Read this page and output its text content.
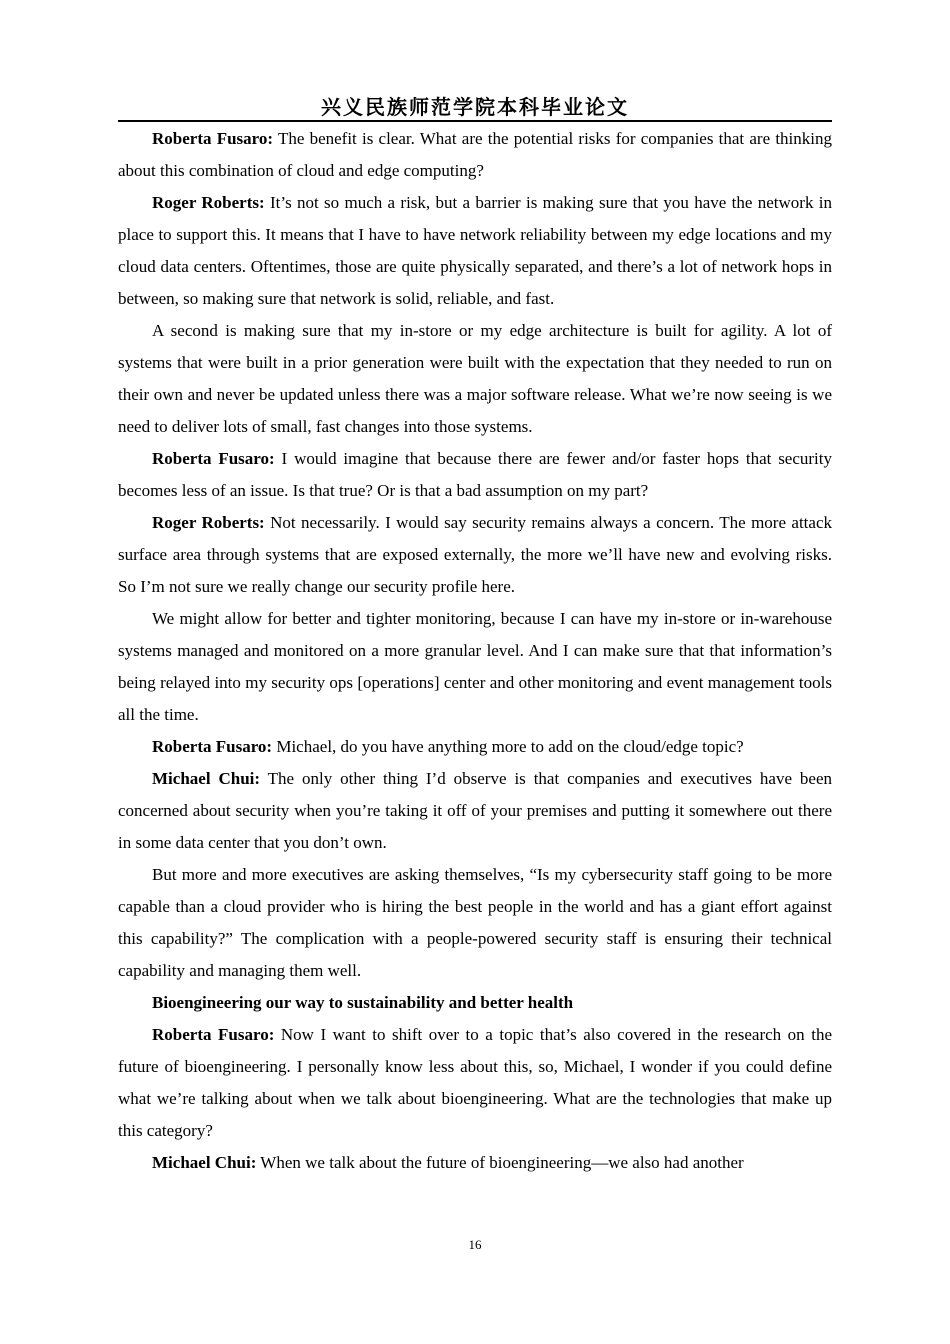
兴义民族师范学院本科毕业论文

Roberta Fusaro: The benefit is clear. What are the potential risks for companies that are thinking about this combination of cloud and edge computing?

Roger Roberts: It’s not so much a risk, but a barrier is making sure that you have the network in place to support this. It means that I have to have network reliability between my edge locations and my cloud data centers. Oftentimes, those are quite physically separated, and there’s a lot of network hops in between, so making sure that network is solid, reliable, and fast.

A second is making sure that my in-store or my edge architecture is built for agility. A lot of systems that were built in a prior generation were built with the expectation that they needed to run on their own and never be updated unless there was a major software release. What we’re now seeing is we need to deliver lots of small, fast changes into those systems.

Roberta Fusaro: I would imagine that because there are fewer and/or faster hops that security becomes less of an issue. Is that true? Or is that a bad assumption on my part?

Roger Roberts: Not necessarily. I would say security remains always a concern. The more attack surface area through systems that are exposed externally, the more we’ll have new and evolving risks. So I’m not sure we really change our security profile here.

We might allow for better and tighter monitoring, because I can have my in-store or in-warehouse systems managed and monitored on a more granular level. And I can make sure that that information’s being relayed into my security ops [operations] center and other monitoring and event management tools all the time.

Roberta Fusaro: Michael, do you have anything more to add on the cloud/edge topic?

Michael Chui: The only other thing I’d observe is that companies and executives have been concerned about security when you’re taking it off of your premises and putting it somewhere out there in some data center that you don’t own.

But more and more executives are asking themselves, “Is my cybersecurity staff going to be more capable than a cloud provider who is hiring the best people in the world and has a giant effort against this capability?” The complication with a people-powered security staff is ensuring their technical capability and managing them well.

Bioengineering our way to sustainability and better health

Roberta Fusaro: Now I want to shift over to a topic that’s also covered in the research on the future of bioengineering. I personally know less about this, so, Michael, I wonder if you could define what we’re talking about when we talk about bioengineering. What are the technologies that make up this category?

Michael Chui: When we talk about the future of bioengineering—we also had another

16
